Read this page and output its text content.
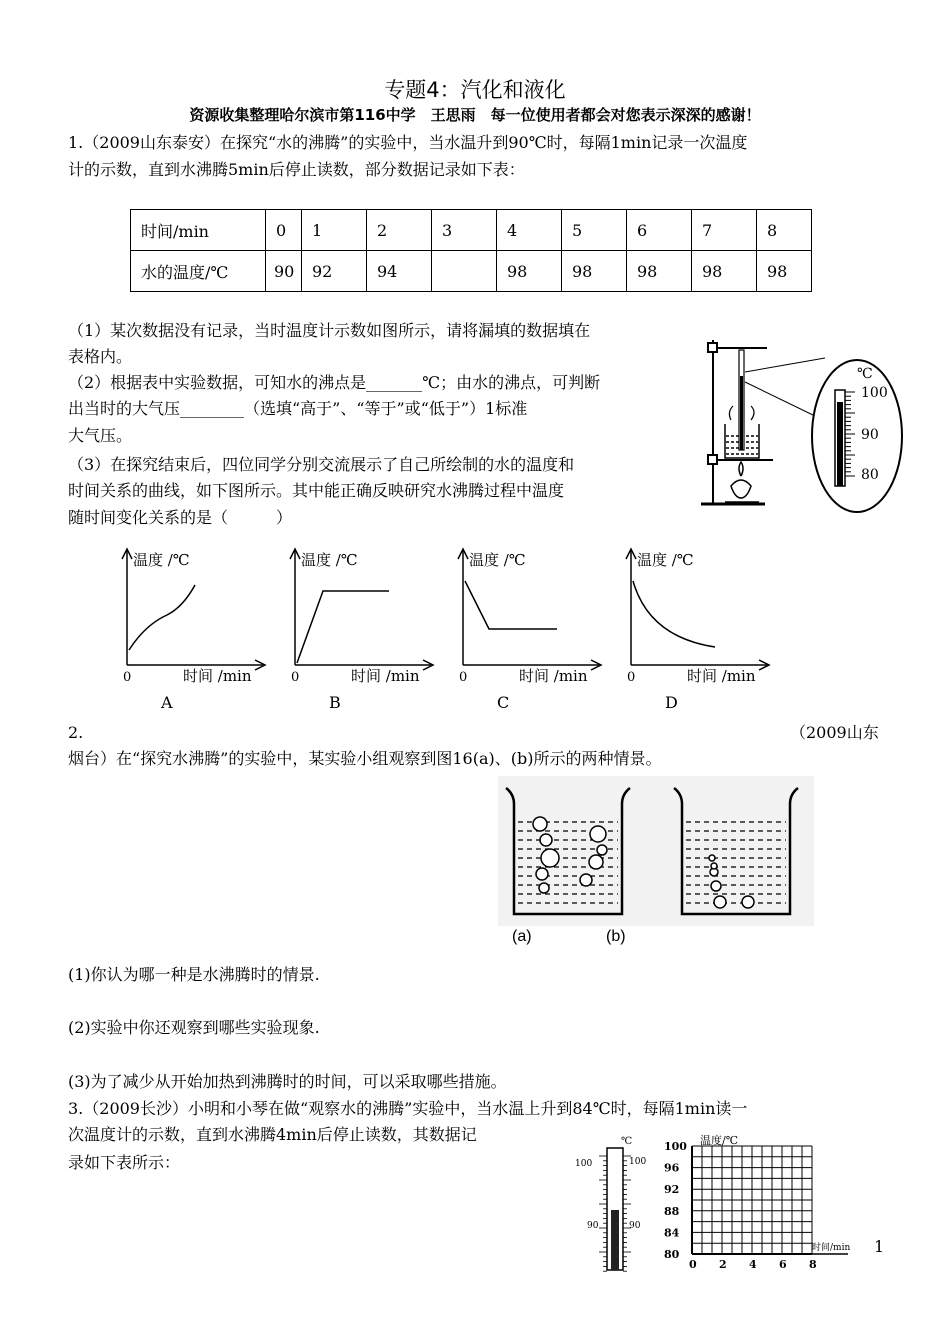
专题4：汽化和液化
资源收集整理哈尔滨市第116中学　王思雨　每一位使用者都会对您表示深深的感谢！
1.（2009山东泰安）在探究“水的沸腾”的实验中，当水温升到90℃时，每隔1min记录一次温度
计的示数，直到水沸腾5min后停止读数，部分数据记录如下表：
时间/min	0	1	2	3	4	5	6	7	8
水的温度/℃	90	92	94		98	98	98	98	98
（1）某次数据没有记录，当时温度计示数如图所示，请将漏填的数据填在
表格内。
（2）根据表中实验数据，可知水的沸点是_______℃；由水的沸点，可判断
出当时的大气压________（选填“高于”、“等于”或“低于”）1标准
大气压。
（3）在探究结束后，四位同学分别交流展示了自己所绘制的水的温度和
时间关系的曲线，如下图所示。其中能正确反映研究水沸腾过程中温度
随时间变化关系的是（　　　）
℃
100
90
80
温度 /℃
时间 /min
0
A
温度 /℃
时间 /min
0
B
温度 /℃
时间 /min
0
C
温度 /℃
时间 /min
0
D
2.	（2009山东
烟台）在“探究水沸腾”的实验中，某实验小组观察到图16(a)、(b)所示的两种情景。
(a)	(b)
(1)你认为哪一种是水沸腾时的情景.
(2)实验中你还观察到哪些实验现象.
(3)为了减少从开始加热到沸腾时的时间，可以采取哪些措施。
3.（2009长沙）小明和小琴在做“观察水的沸腾”实验中，当水温上升到84℃时，每隔1min读一
次温度计的示数，直到水沸腾4min后停止读数，其数据记
录如下表所示：
℃
100	100
90	90
温度/℃
时间/min
100
96
92
88
84
80
0 2 4 6 8
1
